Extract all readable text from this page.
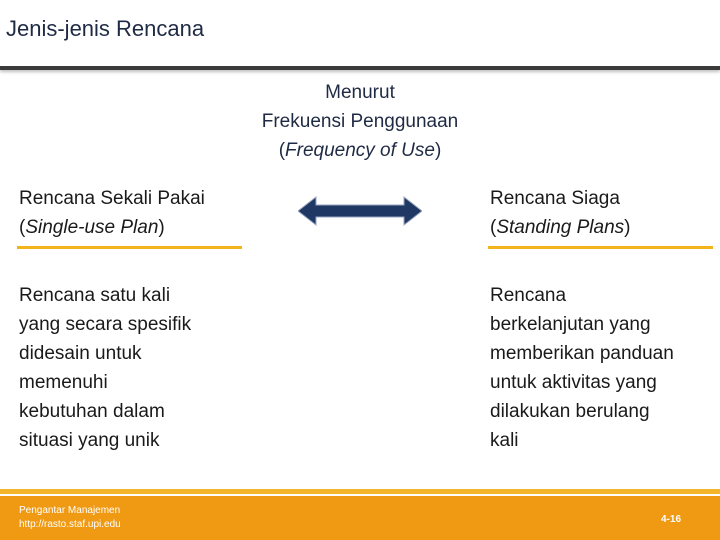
Jenis-jenis Rencana
Menurut
Frekuensi Penggunaan
(Frequency of Use)
Rencana Sekali Pakai
(Single-use Plan)
Rencana Siaga
(Standing Plans)
Rencana satu kali
yang secara spesifik
didesain untuk
memenuhi
kebutuhan dalam
situasi yang unik
Rencana
berkelanjutan yang
memberikan panduan
untuk aktivitas yang
dilakukan berulang
kali
Pengantar Manajemen
http://rasto.staf.upi.edu	4-16
